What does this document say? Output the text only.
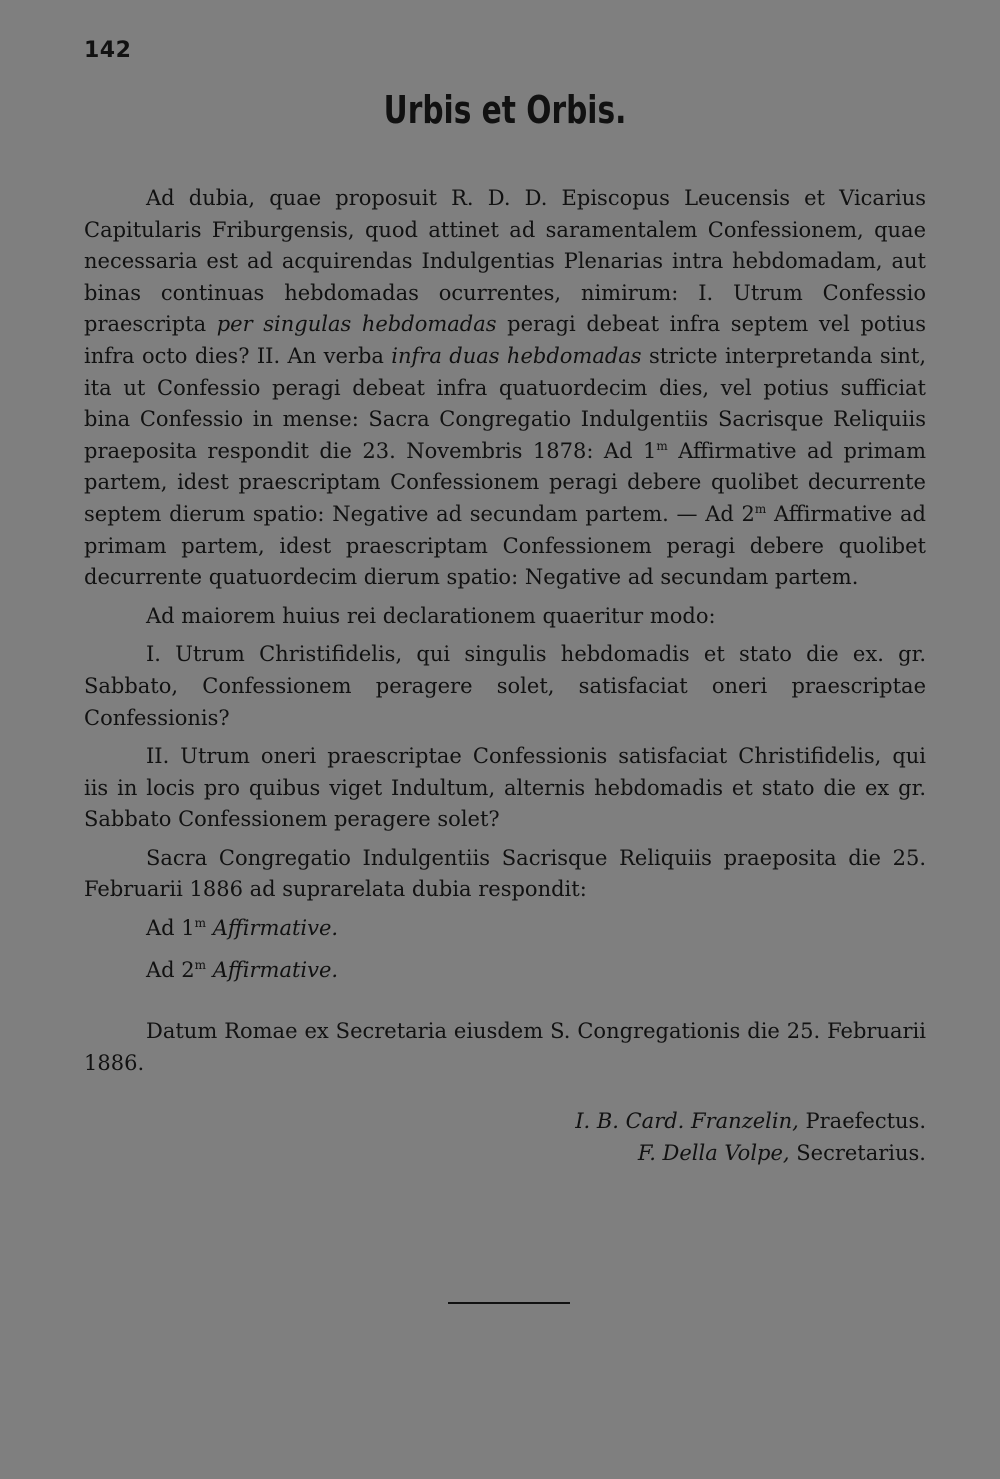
142
Urbis et Orbis.

Ad dubia, quae proposuit R. D. D. Episcopus Leucensis et Vicarius Capitularis Friburgensis, quod attinet ad saramentalem Confessionem, quae necessaria est ad acquirendas Indulgentias Plenarias intra hebdomadam, aut binas continuas hebdomadas ocurrentes, nimirum: I. Utrum Confessio praescripta per singulas hebdomadas peragi debeat infra septem vel potius infra octo dies? II. An verba infra duas hebdomadas stricte interpretanda sint, ita ut Confessio peragi debeat infra quatuordecim dies, vel potius sufficiat bina Confessio in mense: Sacra Congregatio Indulgentiis Sacrisque Reliquiis praeposita respondit die 23. Novembris 1878: Ad 1$^m$ Affirmative ad primam partem, idest praescriptam Confessionem peragi debere quolibet decurrente septem dierum spatio: Negative ad secundam partem. — Ad 2$^m$ Affirmative ad primam partem, idest praescriptam Confessionem peragi debere quolibet decurrente quatuordecim dierum spatio: Negative ad secundam partem.

Ad maiorem huius rei declarationem quaeritur modo:

I. Utrum Christifidelis, qui singulis hebdomadis et stato die ex. gr. Sabbato, Confessionem peragere solet, satisfaciat oneri praescriptae Confessionis?

II. Utrum oneri praescriptae Confessionis satisfaciat Christifidelis, qui iis in locis pro quibus viget Indultum, alternis hebdomadis et stato die ex gr. Sabbato Confessionem peragere solet?

Sacra Congregatio Indulgentiis Sacrisque Reliquiis praeposita die 25. Februarii 1886 ad suprarelata dubia respondit:

Ad 1$^m$ Affirmative.
Ad 2$^m$ Affirmative.

Datum Romae ex Secretaria eiusdem S. Congregationis die 25. Februarii 1886.

I. B. Card. Franzelin, Praefectus.
F. Della Volpe, Secretarius.
